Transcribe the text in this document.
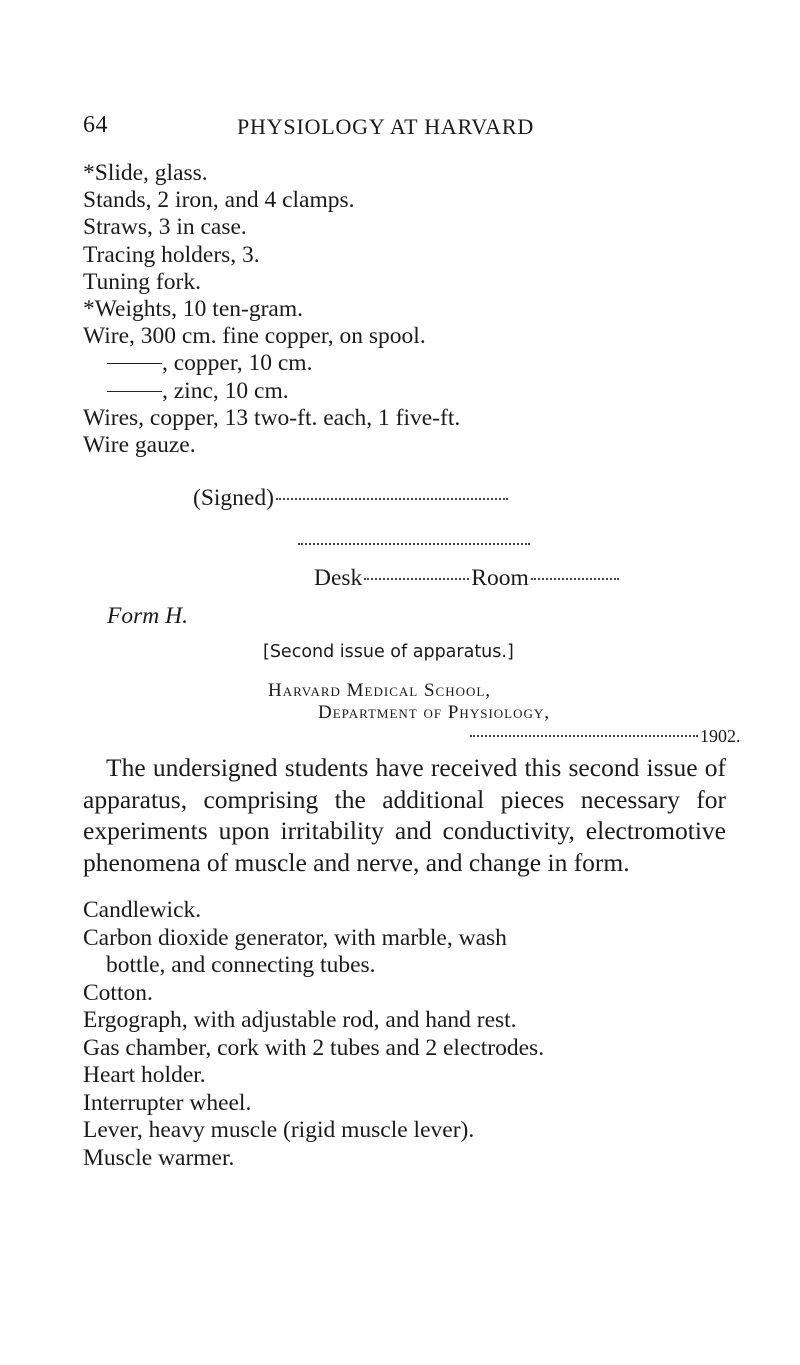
64	PHYSIOLOGY AT HARVARD
*Slide, glass.
Stands, 2 iron, and 4 clamps.
Straws, 3 in case.
Tracing holders, 3.
Tuning fork.
*Weights, 10 ten-gram.
Wire, 300 cm. fine copper, on spool.
, copper, 10 cm.
, zinc, 10 cm.
Wires, copper, 13 two-ft. each, 1 five-ft.
Wire gauze.
(Signed)
Desk	Room
Form H.
[Second issue of apparatus.]
Harvard Medical School,
Department of Physiology,
1902.
The undersigned students have received this second issue of apparatus, comprising the additional pieces necessary for experiments upon irritability and conductivity, electromotive phenomena of muscle and nerve, and change in form.
Candlewick.
Carbon dioxide generator, with marble, wash
bottle, and connecting tubes.
Cotton.
Ergograph, with adjustable rod, and hand rest.
Gas chamber, cork with 2 tubes and 2 electrodes.
Heart holder.
Interrupter wheel.
Lever, heavy muscle (rigid muscle lever).
Muscle warmer.
